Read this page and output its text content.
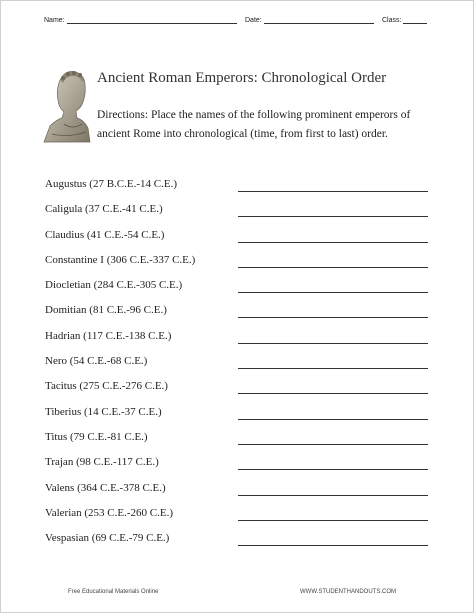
Name:	Date:	Class:
Ancient Roman Emperors: Chronological Order
Directions: Place the names of the following prominent emperors of ancient Rome into chronological (time, from first to last) order.
Augustus (27 B.C.E.-14 C.E.)
Caligula (37 C.E.-41 C.E.)
Claudius (41 C.E.-54 C.E.)
Constantine I (306 C.E.-337 C.E.)
Diocletian (284 C.E.-305 C.E.)
Domitian (81 C.E.-96 C.E.)
Hadrian (117 C.E.-138 C.E.)
Nero (54 C.E.-68 C.E.)
Tacitus (275 C.E.-276 C.E.)
Tiberius (14 C.E.-37 C.E.)
Titus (79 C.E.-81 C.E.)
Trajan (98 C.E.-117 C.E.)
Valens (364 C.E.-378 C.E.)
Valerian (253 C.E.-260 C.E.)
Vespasian (69 C.E.-79 C.E.)
Free Educational Materials Online	WWW.STUDENTHANDOUTS.COM
